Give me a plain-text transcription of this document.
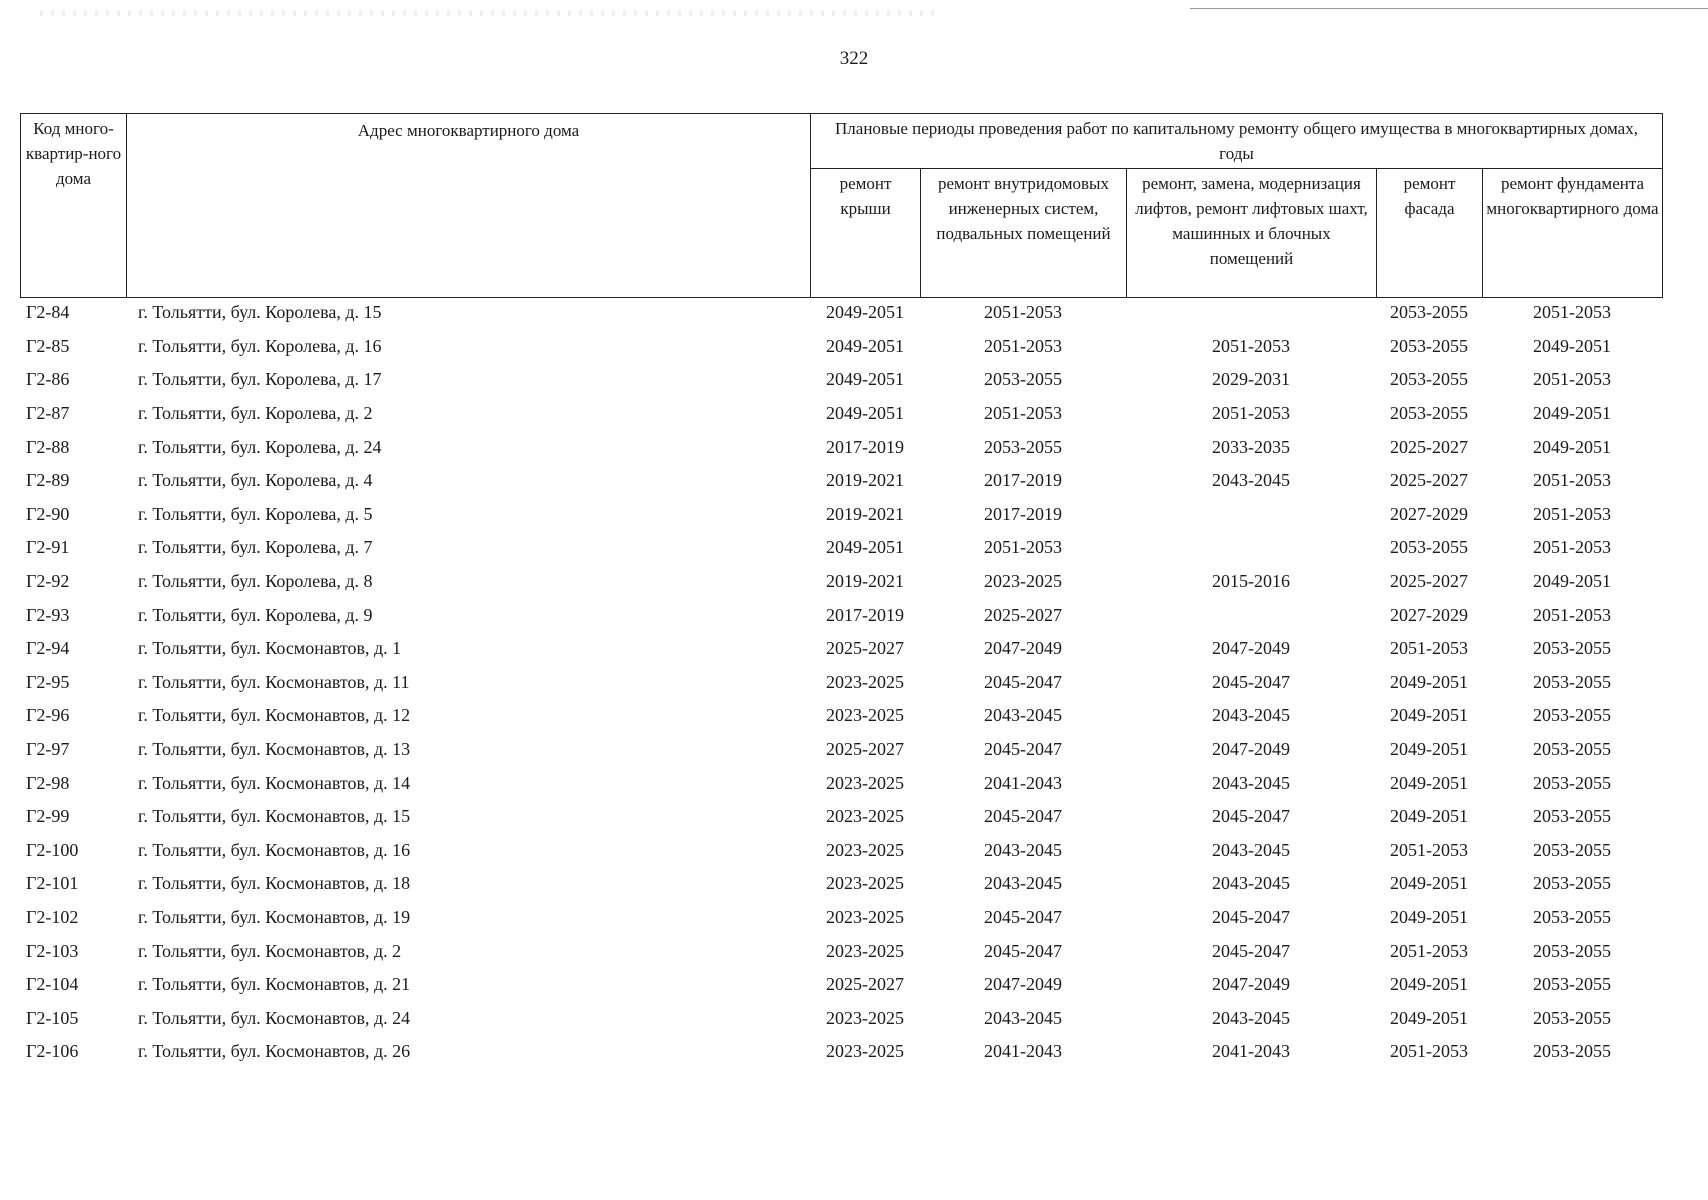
322
Код много-квартир-ного дома	Адрес многоквартирного дома	Плановые периоды проведения работ по капитальному ремонту общего имущества в многоквартирных домах, годы				
		ремонт крыши	ремонт внутридомовых инженерных систем, подвальных помещений	ремонт, замена, модернизация лифтов, ремонт лифтовых шахт, машинных и блочных помещений	ремонт фасада	ремонт фундамента многоквартирного дома
Г2-84	г. Тольятти, бул. Королева, д. 15	2049-2051	2051-2053		2053-2055	2051-2053
Г2-85	г. Тольятти, бул. Королева, д. 16	2049-2051	2051-2053	2051-2053	2053-2055	2049-2051
Г2-86	г. Тольятти, бул. Королева, д. 17	2049-2051	2053-2055	2029-2031	2053-2055	2051-2053
Г2-87	г. Тольятти, бул. Королева, д. 2	2049-2051	2051-2053	2051-2053	2053-2055	2049-2051
Г2-88	г. Тольятти, бул. Королева, д. 24	2017-2019	2053-2055	2033-2035	2025-2027	2049-2051
Г2-89	г. Тольятти, бул. Королева, д. 4	2019-2021	2017-2019	2043-2045	2025-2027	2051-2053
Г2-90	г. Тольятти, бул. Королева, д. 5	2019-2021	2017-2019		2027-2029	2051-2053
Г2-91	г. Тольятти, бул. Королева, д. 7	2049-2051	2051-2053		2053-2055	2051-2053
Г2-92	г. Тольятти, бул. Королева, д. 8	2019-2021	2023-2025	2015-2016	2025-2027	2049-2051
Г2-93	г. Тольятти, бул. Королева, д. 9	2017-2019	2025-2027		2027-2029	2051-2053
Г2-94	г. Тольятти, бул. Космонавтов, д. 1	2025-2027	2047-2049	2047-2049	2051-2053	2053-2055
Г2-95	г. Тольятти, бул. Космонавтов, д. 11	2023-2025	2045-2047	2045-2047	2049-2051	2053-2055
Г2-96	г. Тольятти, бул. Космонавтов, д. 12	2023-2025	2043-2045	2043-2045	2049-2051	2053-2055
Г2-97	г. Тольятти, бул. Космонавтов, д. 13	2025-2027	2045-2047	2047-2049	2049-2051	2053-2055
Г2-98	г. Тольятти, бул. Космонавтов, д. 14	2023-2025	2041-2043	2043-2045	2049-2051	2053-2055
Г2-99	г. Тольятти, бул. Космонавтов, д. 15	2023-2025	2045-2047	2045-2047	2049-2051	2053-2055
Г2-100	г. Тольятти, бул. Космонавтов, д. 16	2023-2025	2043-2045	2043-2045	2051-2053	2053-2055
Г2-101	г. Тольятти, бул. Космонавтов, д. 18	2023-2025	2043-2045	2043-2045	2049-2051	2053-2055
Г2-102	г. Тольятти, бул. Космонавтов, д. 19	2023-2025	2045-2047	2045-2047	2049-2051	2053-2055
Г2-103	г. Тольятти, бул. Космонавтов, д. 2	2023-2025	2045-2047	2045-2047	2051-2053	2053-2055
Г2-104	г. Тольятти, бул. Космонавтов, д. 21	2025-2027	2047-2049	2047-2049	2049-2051	2053-2055
Г2-105	г. Тольятти, бул. Космонавтов, д. 24	2023-2025	2043-2045	2043-2045	2049-2051	2053-2055
Г2-106	г. Тольятти, бул. Космонавтов, д. 26	2023-2025	2041-2043	2041-2043	2051-2053	2053-2055
